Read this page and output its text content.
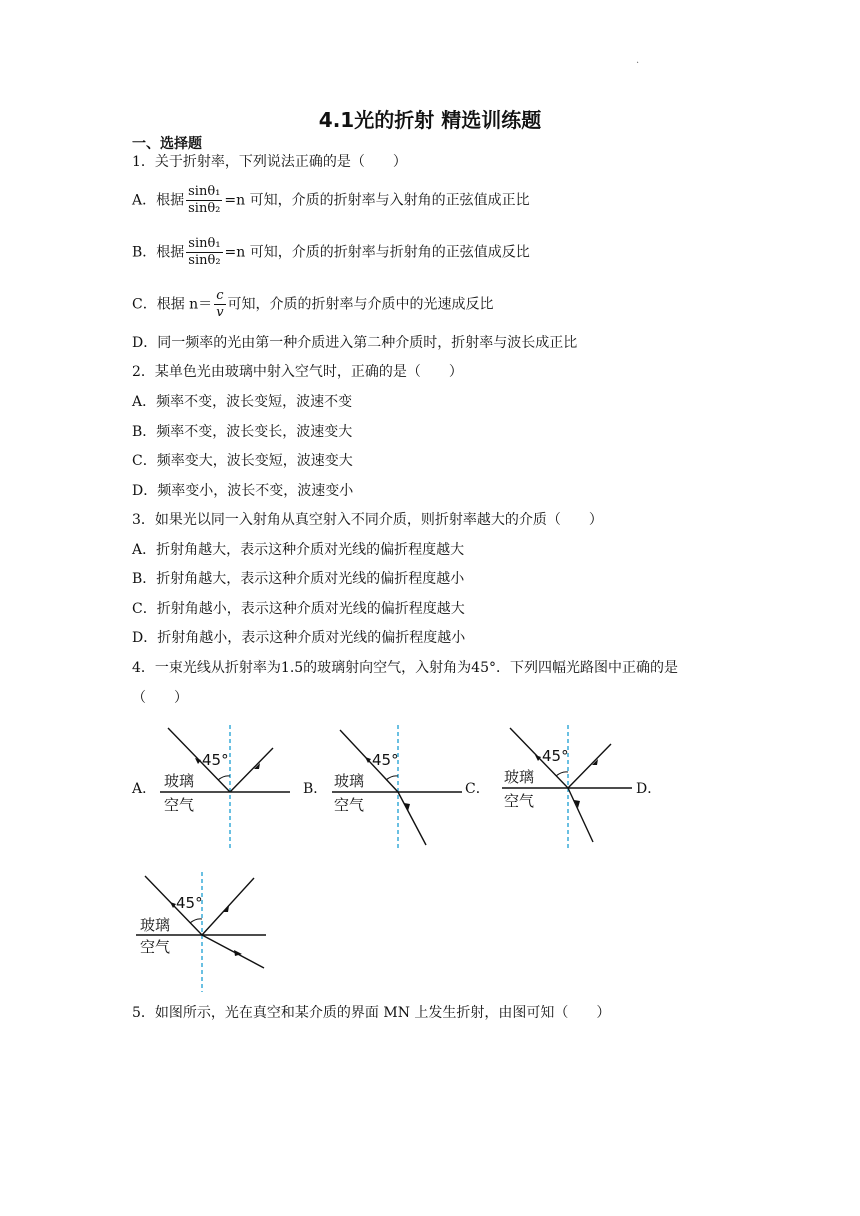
·
4.1光的折射 精选训练题
一、选择题
1．关于折射率，下列说法正确的是（　　）
A．根据 $\frac{\text{sinθ₁}}{\text{sinθ₂}} =n$ 可知，介质的折射率与入射角的正弦值成正比
B．根据 $\frac{\text{sinθ₁}}{\text{sinθ₂}} =n$ 可知，介质的折射率与折射角的正弦值成反比
C．根据 $n= \frac{c}{v}$ 可知，介质的折射率与介质中的光速成反比
D．同一频率的光由第一种介质进入第二种介质时，折射率与波长成正比
2．某单色光由玻璃中射入空气时，正确的是（　　）
A．频率不变，波长变短，波速不变
B．频率不变，波长变长，波速变大
C．频率变大，波长变短，波速变大
D．频率变小，波长不变，波速变小
3．如果光以同一入射角从真空射入不同介质，则折射率越大的介质（　　）
A．折射角越大，表示这种介质对光线的偏折程度越大
B．折射角越大，表示这种介质对光线的偏折程度越小
C．折射角越小，表示这种介质对光线的偏折程度越大
D．折射角越小，表示这种介质对光线的偏折程度越小
4．一束光线从折射率为1.5的玻璃射向空气，入射角为45°．下列四幅光路图中正确的是
（　　）
A．	B．	C．	D．
45°
玻璃
空气
45°
玻璃
空气
45°
玻璃
空气
45°
玻璃
空气
5．如图所示，光在真空和某介质的界面 MN 上发生折射，由图可知（　　）
